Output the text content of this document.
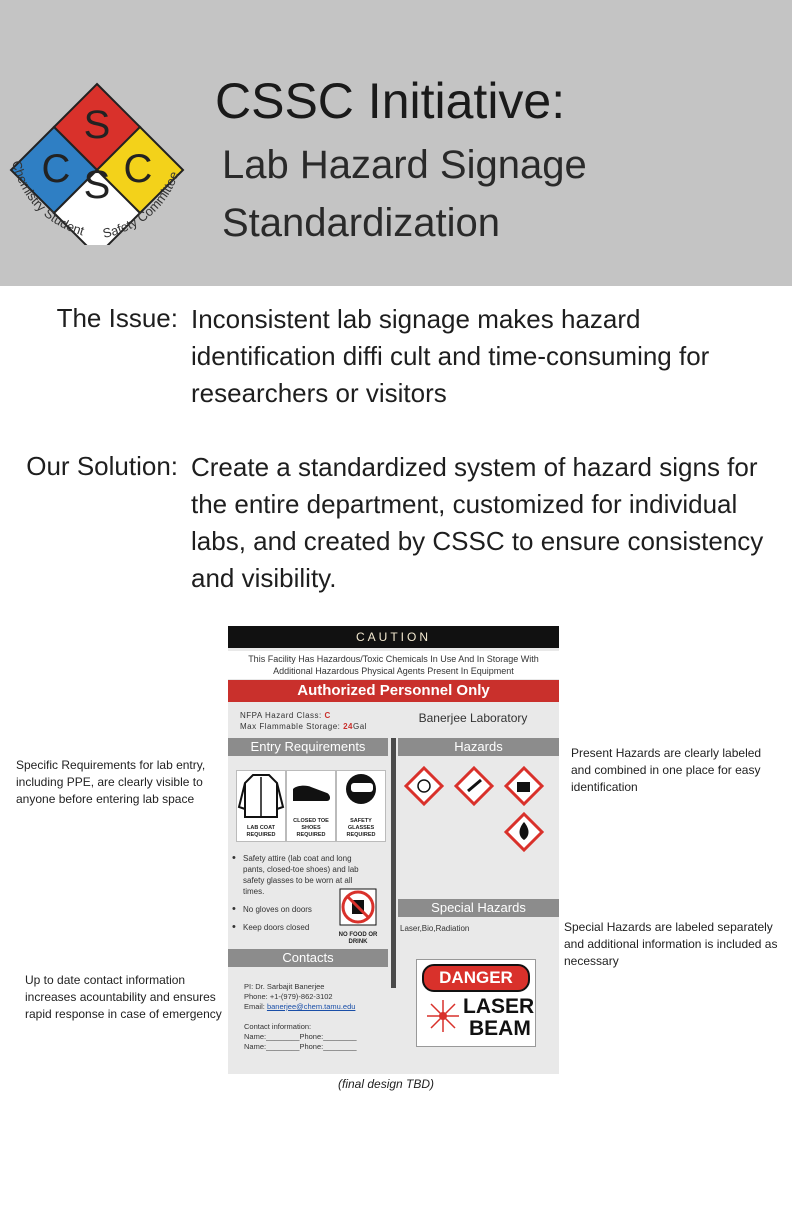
S
C C
S
Chemistry Student Safety Committee
CSSC Initiative:
Lab Hazard Signage Standardization
The Issue: Inconsistent lab signage makes hazard identification diffi cult and time-consuming for researchers or visitors
Our Solution: Create a standardized system of hazard signs for the entire department, customized for individual labs, and created by CSSC to ensure consistency and visibility.
CAUTION
This Facility Has Hazardous/Toxic Chemicals In Use And In Storage With Additional Hazardous Physical Agents Present In Equipment
Authorized Personnel Only
NFPA Hazard Class: C
Max Flammable Storage: 24Gal
Banerjee Laboratory
Entry Requirements	Hazards
LAB COAT REQUIRED
CLOSED TOE SHOES REQUIRED
SAFETY GLASSES REQUIRED
• Safety attire (lab coat and long pants, closed-toe shoes) and lab safety glasses to be worn at all times.
• No gloves on doors
• Keep doors closed
NO FOOD OR DRINK
Special Hazards
Laser,Bio,Radiation
Contacts
PI: Dr. Sarbajit Banerjee
Phone: +1-(979)-862-3102
Email: banerjee@chem.tamu.edu
Contact information:
Name:________Phone:________
Name:________Phone:________
DANGER
LASER
BEAM
(final design TBD)
Specific Requirements for lab entry, including PPE, are clearly visible to anyone before entering lab space
Up to date contact information increases acountability and ensures rapid response in case of emergency
Present Hazards are clearly labeled and combined in one place for easy identification
Special Hazards are labeled separately and additional information is included as necessary
